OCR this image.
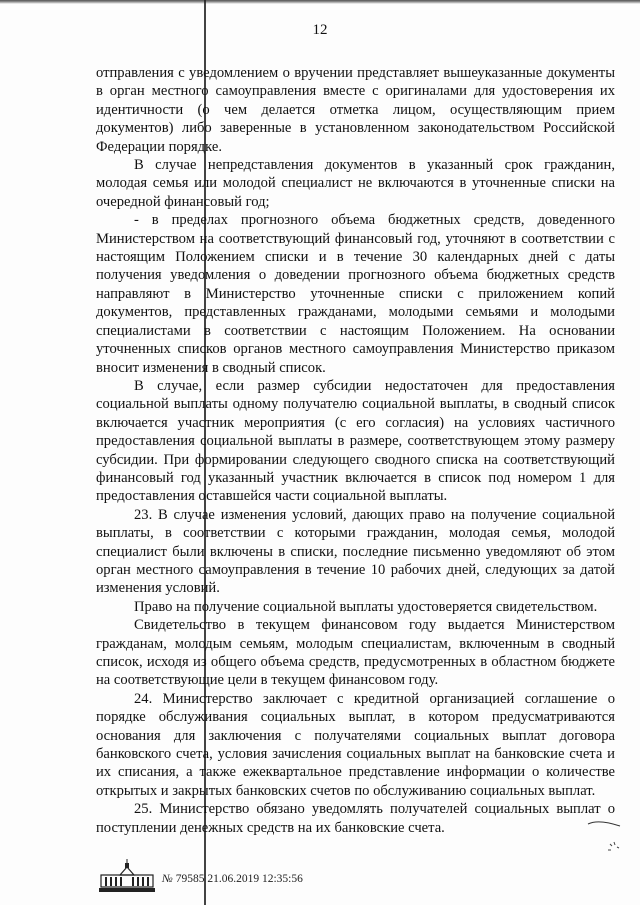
12

отправления с уведомлением о вручении представляет вышеуказанные документы в орган местного самоуправления вместе с оригиналами для удостоверения их идентичности (о чем делается отметка лицом, осуществляющим прием документов) либо заверенные в установленном законодательством Российской Федерации порядке.

В случае непредставления документов в указанный срок гражданин, молодая семья или молодой специалист не включаются в уточненные списки на очередной финансовый год;

- в пределах прогнозного объема бюджетных средств, доведенного Министерством на соответствующий финансовый год, уточняют в соответствии с настоящим Положением списки и в течение 30 календарных дней с даты получения уведомления о доведении прогнозного объема бюджетных средств направляют в Министерство уточненные списки с приложением копий документов, представленных гражданами, молодыми семьями и молодыми специалистами в соответствии с настоящим Положением. На основании уточненных списков органов местного самоуправления Министерство приказом вносит изменения в сводный список.

В случае, если размер субсидии недостаточен для предоставления социальной выплаты одному получателю социальной выплаты, в сводный список включается участник мероприятия (с его согласия) на условиях частичного предоставления социальной выплаты в размере, соответствующем этому размеру субсидии. При формировании следующего сводного списка на соответствующий финансовый год указанный участник включается в список под номером 1 для предоставления оставшейся части социальной выплаты.

23. В случае изменения условий, дающих право на получение социальной выплаты, в соответствии с которыми гражданин, молодая семья, молодой специалист были включены в списки, последние письменно уведомляют об этом орган местного самоуправления в течение 10 рабочих дней, следующих за датой изменения условий.

Право на получение социальной выплаты удостоверяется свидетельством.

Свидетельство в текущем финансовом году выдается Министерством гражданам, молодым семьям, молодым специалистам, включенным в сводный список, исходя из общего объема средств, предусмотренных в областном бюджете на соответствующие цели в текущем финансовом году.

24. Министерство заключает с кредитной организацией соглашение о порядке обслуживания социальных выплат, в котором предусматриваются основания для заключения с получателями социальных выплат договора банковского счета, условия зачисления социальных выплат на банковские счета и их списания, а также ежеквартальное представление информации о количестве открытых и закрытых банковских счетов по обслуживанию социальных выплат.

25. Министерство обязано уведомлять получателей социальных выплат о поступлении денежных средств на их банковские счета.

№ 79585 21.06.2019 12:35:56
